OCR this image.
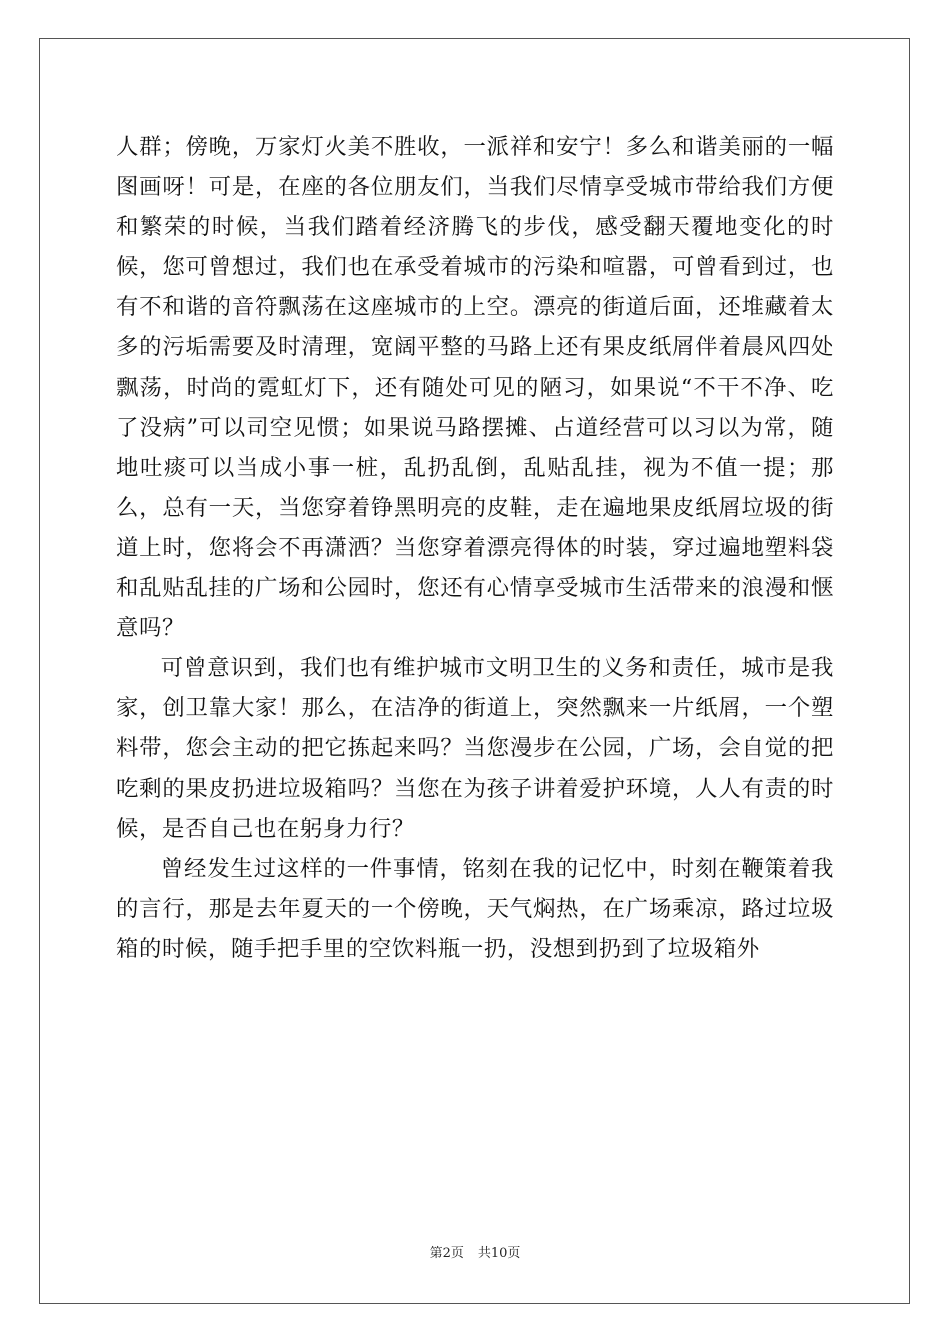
人群；傍晚，万家灯火美不胜收，一派祥和安宁！多么和谐美丽的一幅图画呀！可是，在座的各位朋友们，当我们尽情享受城市带给我们方便和繁荣的时候，当我们踏着经济腾飞的步伐，感受翻天覆地变化的时候，您可曾想过，我们也在承受着城市的污染和喧嚣，可曾看到过，也有不和谐的音符飘荡在这座城市的上空。漂亮的街道后面，还堆藏着太多的污垢需要及时清理，宽阔平整的马路上还有果皮纸屑伴着晨风四处飘荡，时尚的霓虹灯下，还有随处可见的陋习，如果说“不干不净、吃了没病”可以司空见惯；如果说马路摆摊、占道经营可以习以为常，随地吐痰可以当成小事一桩，乱扔乱倒，乱贴乱挂，视为不值一提；那么，总有一天，当您穿着铮黑明亮的皮鞋，走在遍地果皮纸屑垃圾的街道上时，您将会不再潇洒？当您穿着漂亮得体的时装，穿过遍地塑料袋和乱贴乱挂的广场和公园时，您还有心情享受城市生活带来的浪漫和惬意吗？

可曾意识到，我们也有维护城市文明卫生的义务和责任，城市是我家，创卫靠大家！那么，在洁净的街道上，突然飘来一片纸屑，一个塑料带，您会主动的把它拣起来吗？当您漫步在公园，广场，会自觉的把吃剩的果皮扔进垃圾箱吗？当您在为孩子讲着爱护环境，人人有责的时候，是否自己也在躬身力行？

曾经发生过这样的一件事情，铭刻在我的记忆中，时刻在鞭策着我的言行，那是去年夏天的一个傍晚，天气焖热，在广场乘凉，路过垃圾箱的时候，随手把手里的空饮料瓶一扔，没想到扔到了垃圾箱外

第2页 共10页
